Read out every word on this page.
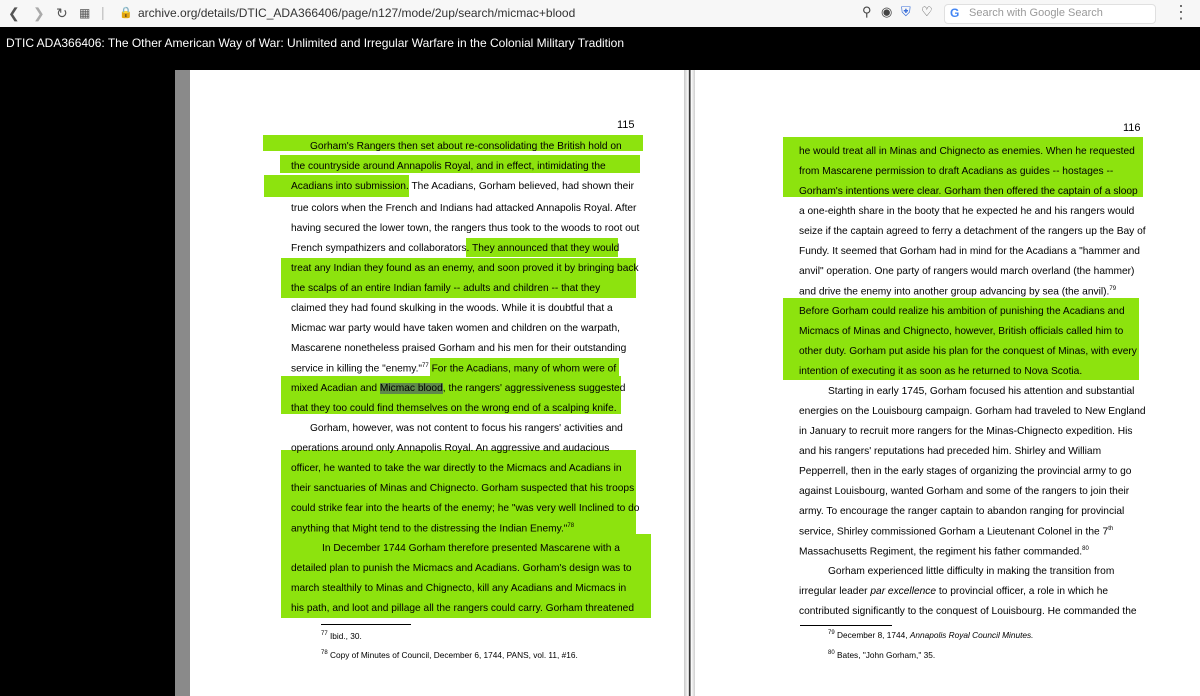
❮ ❯ ↻ ▦ | 🔒 archive.org/details/DTIC_ADA366406/page/n127/mode/2up/search/micmac+blood	⚲ ◉ ⛨ ♡ G Search with Google Search	⋮
DTIC ADA366406: The Other American Way of War: Unlimited and Irregular Warfare in the Colonial Military Tradition
115
Gorham's Rangers then set about re-consolidating the British hold on
the countryside around Annapolis Royal, and in effect, intimidating the
Acadians into submission. The Acadians, Gorham believed, had shown their
true colors when the French and Indians had attacked Annapolis Royal. After
having secured the lower town, the rangers thus took to the woods to root out
French sympathizers and collaborators. They announced that they would
treat any Indian they found as an enemy, and soon proved it by bringing back
the scalps of an entire Indian family -- adults and children -- that they
claimed they had found skulking in the woods. While it is doubtful that a
Micmac war party would have taken women and children on the warpath,
Mascarene nonetheless praised Gorham and his men for their outstanding
service in killing the "enemy."$^{77}$ For the Acadians, many of whom were of
mixed Acadian and Micmac blood, the rangers' aggressiveness suggested
that they too could find themselves on the wrong end of a scalping knife.
Gorham, however, was not content to focus his rangers' activities and
operations around only Annapolis Royal. An aggressive and audacious
officer, he wanted to take the war directly to the Micmacs and Acadians in
their sanctuaries of Minas and Chignecto. Gorham suspected that his troops
could strike fear into the hearts of the enemy; he "was very well Inclined to do
anything that Might tend to the distressing the Indian Enemy."$^{78}$
In December 1744 Gorham therefore presented Mascarene with a
detailed plan to punish the Micmacs and Acadians. Gorham's design was to
march stealthily to Minas and Chignecto, kill any Acadians and Micmacs in
his path, and loot and pillage all the rangers could carry. Gorham threatened
$^{77}$ Ibid., 30.
$^{78}$ Copy of Minutes of Council, December 6, 1744, PANS, vol. 11, #16.
116
he would treat all in Minas and Chignecto as enemies. When he requested
from Mascarene permission to draft Acadians as guides -- hostages --
Gorham's intentions were clear. Gorham then offered the captain of a sloop
a one-eighth share in the booty that he expected he and his rangers would
seize if the captain agreed to ferry a detachment of the rangers up the Bay of
Fundy. It seemed that Gorham had in mind for the Acadians a "hammer and
anvil" operation. One party of rangers would march overland (the hammer)
and drive the enemy into another group advancing by sea (the anvil).$^{79}$
Before Gorham could realize his ambition of punishing the Acadians and
Micmacs of Minas and Chignecto, however, British officials called him to
other duty. Gorham put aside his plan for the conquest of Minas, with every
intention of executing it as soon as he returned to Nova Scotia.
Starting in early 1745, Gorham focused his attention and substantial
energies on the Louisbourg campaign. Gorham had traveled to New England
in January to recruit more rangers for the Minas-Chignecto expedition. His
and his rangers' reputations had preceded him. Shirley and William
Pepperrell, then in the early stages of organizing the provincial army to go
against Louisbourg, wanted Gorham and some of the rangers to join their
army. To encourage the ranger captain to abandon ranging for provincial
service, Shirley commissioned Gorham a Lieutenant Colonel in the 7th
Massachusetts Regiment, the regiment his father commanded.$^{80}$
Gorham experienced little difficulty in making the transition from
irregular leader par excellence to provincial officer, a role in which he
contributed significantly to the conquest of Louisbourg. He commanded the
$^{79}$ December 8, 1744, Annapolis Royal Council Minutes.
$^{80}$ Bates, "John Gorham," 35.
